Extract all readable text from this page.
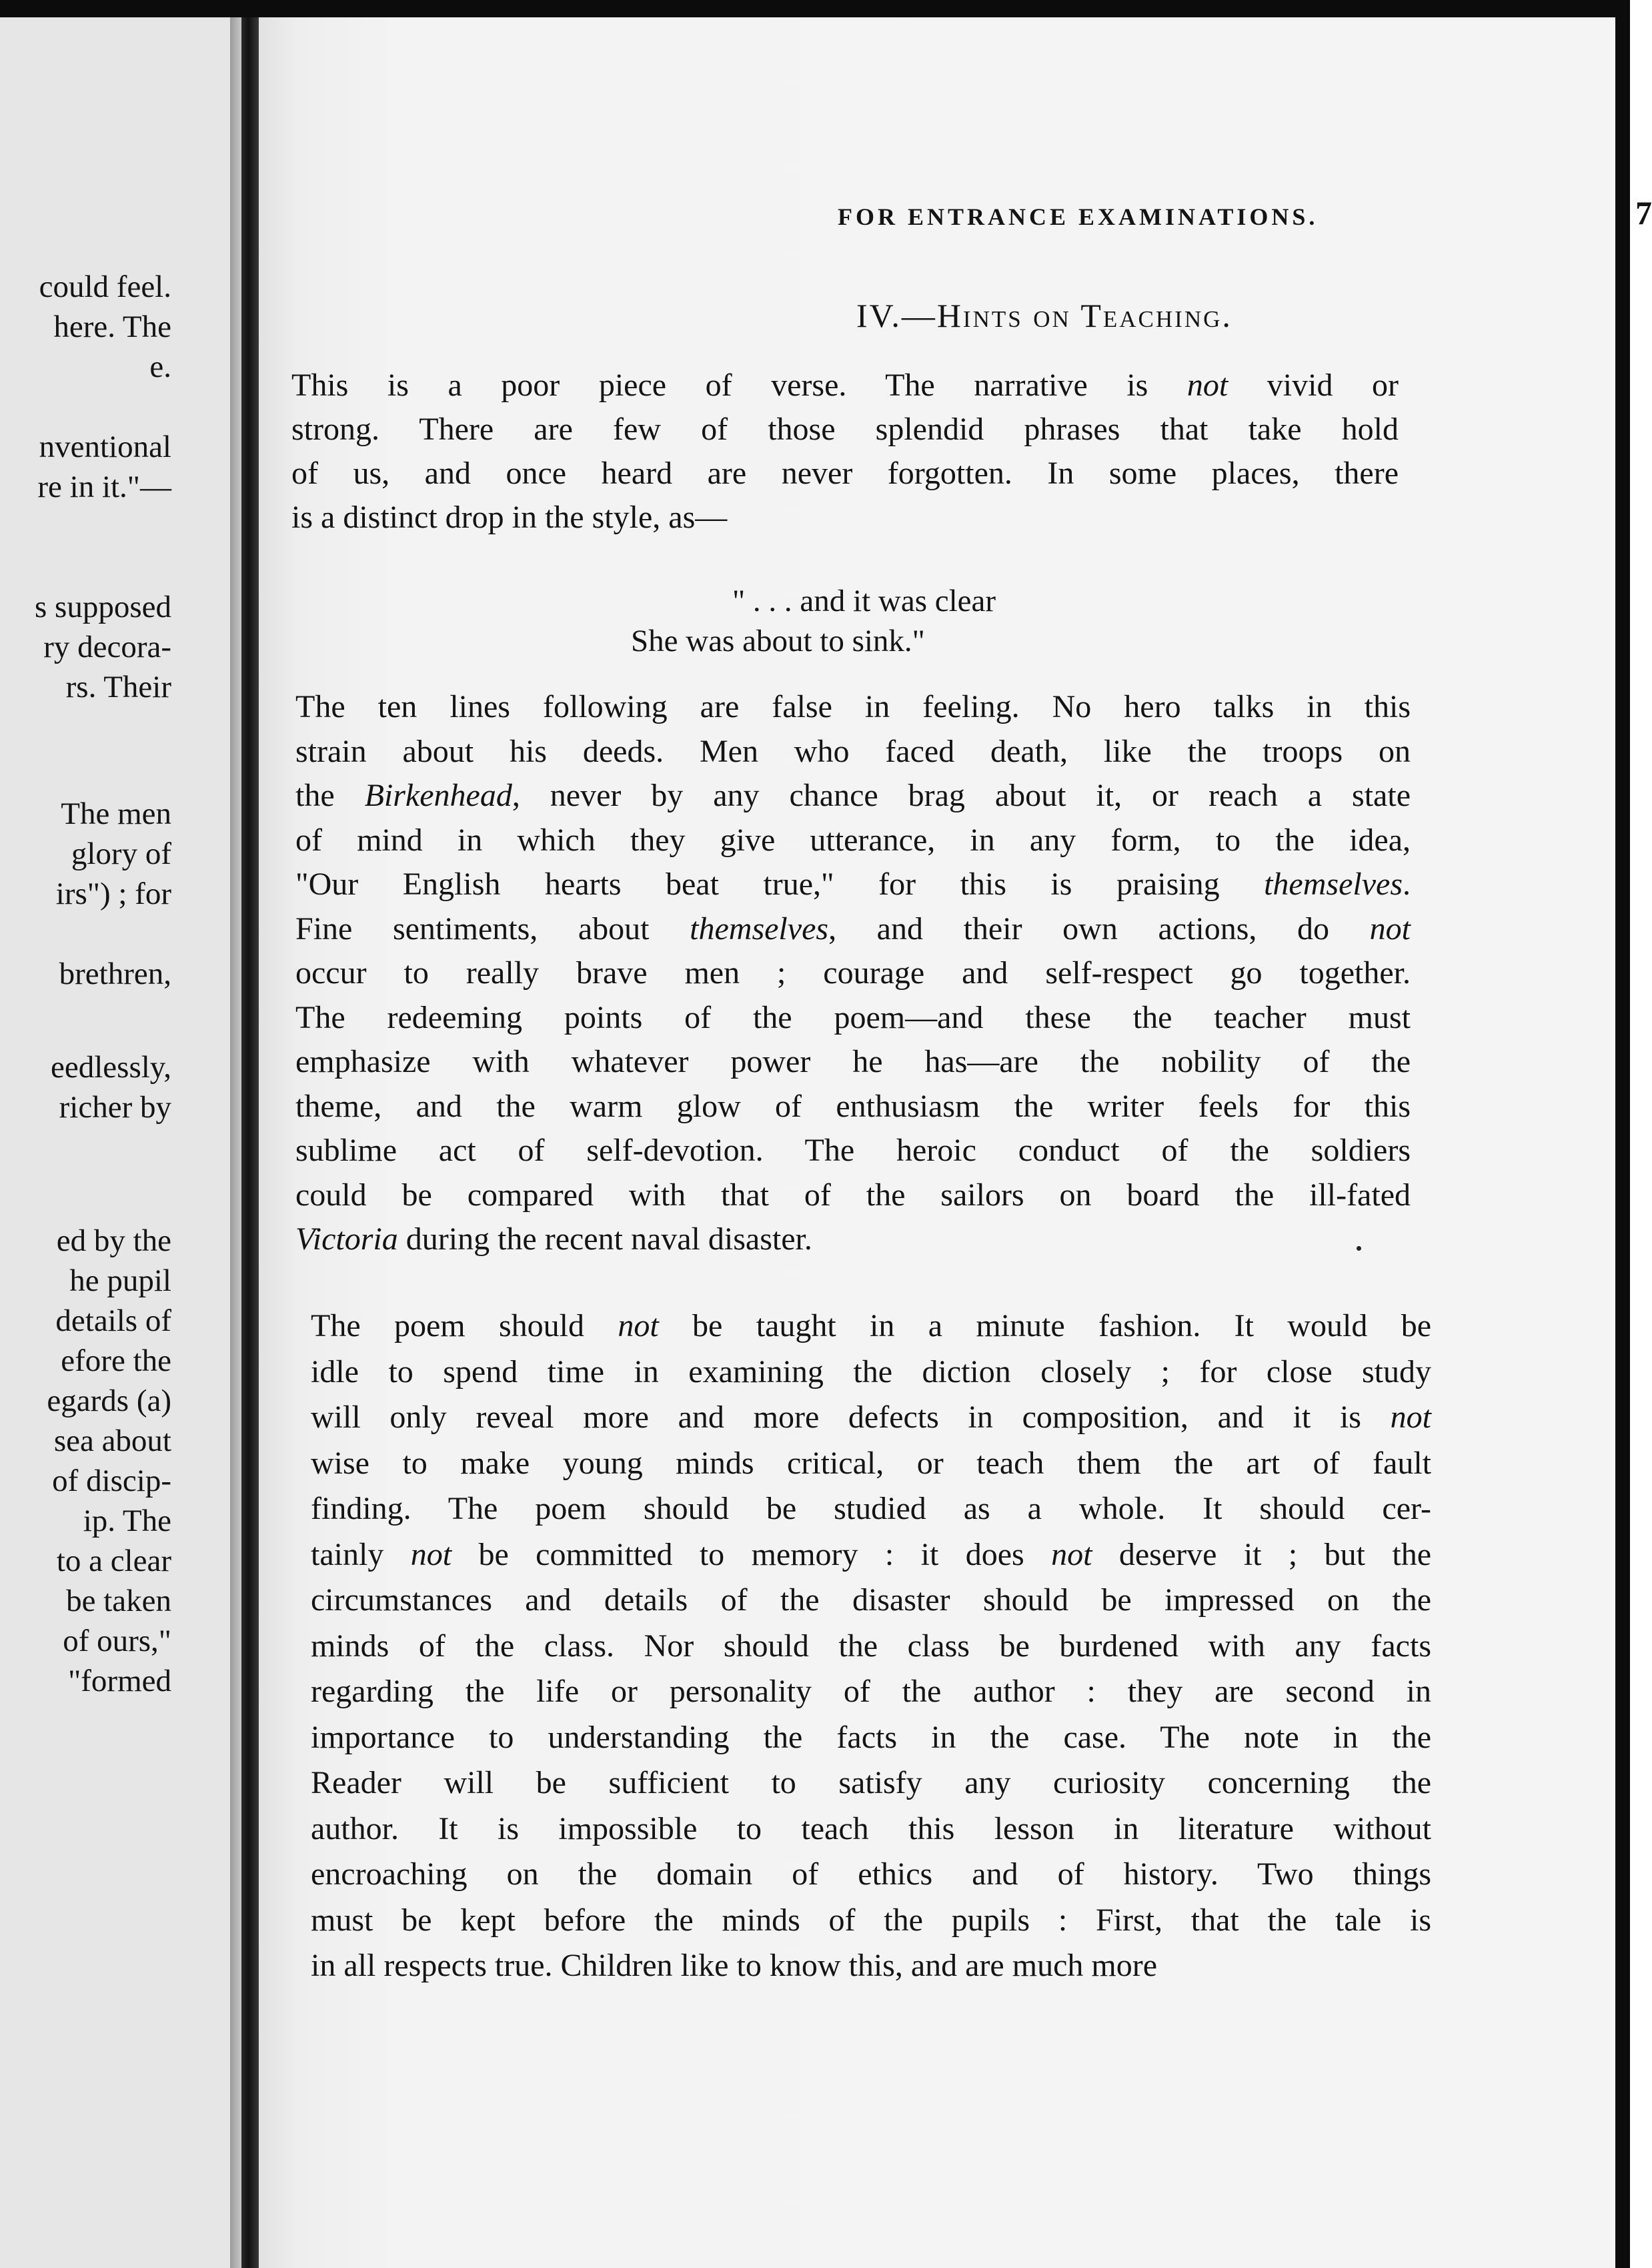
could feel.
here. The
e.
nventional
re in it."—
s supposed
ry decora-
rs. Their
The men
glory of
irs") ; for
brethren,
eedlessly,
richer by
ed by the
he pupil
details of
efore the
egards (a)
sea about
of discip-
ip. The
to a clear
be taken
of ours,"
"formed
FOR ENTRANCE EXAMINATIONS.	7
IV.—Hints on Teaching.
This is a poor piece of verse. The narrative is not vivid or
strong. There are few of those splendid phrases that take hold
of us, and once heard are never forgotten. In some places, there
is a distinct drop in the style, as—
The ten lines following are false in feeling. No hero talks in this
strain about his deeds. Men who faced death, like the troops on
the Birkenhead, never by any chance brag about it, or reach a state
of mind in which they give utterance, in any form, to the idea,
"Our English hearts beat true," for this is praising themselves.
Fine sentiments, about themselves, and their own actions, do not
occur to really brave men ; courage and self-respect go together.
The redeeming points of the poem—and these the teacher must
emphasize with whatever power he has—are the nobility of the
theme, and the warm glow of enthusiasm the writer feels for this
sublime act of self-devotion. The heroic conduct of the soldiers
could be compared with that of the sailors on board the ill-fated
Victoria during the recent naval disaster.
The poem should not be taught in a minute fashion. It would be
idle to spend time in examining the diction closely ; for close study
will only reveal more and more defects in composition, and it is not
wise to make young minds critical, or teach them the art of fault
finding. The poem should be studied as a whole. It should cer-
tainly not be committed to memory : it does not deserve it ; but the
circumstances and details of the disaster should be impressed on the
minds of the class. Nor should the class be burdened with any facts
regarding the life or personality of the author : they are second in
importance to understanding the facts in the case. The note in the
Reader will be sufficient to satisfy any curiosity concerning the
author. It is impossible to teach this lesson in literature without
encroaching on the domain of ethics and of history. Two things
must be kept before the minds of the pupils : First, that the tale is
in all respects true. Children like to know this, and are much more
" . . . and it was clear
She was about to sink."
